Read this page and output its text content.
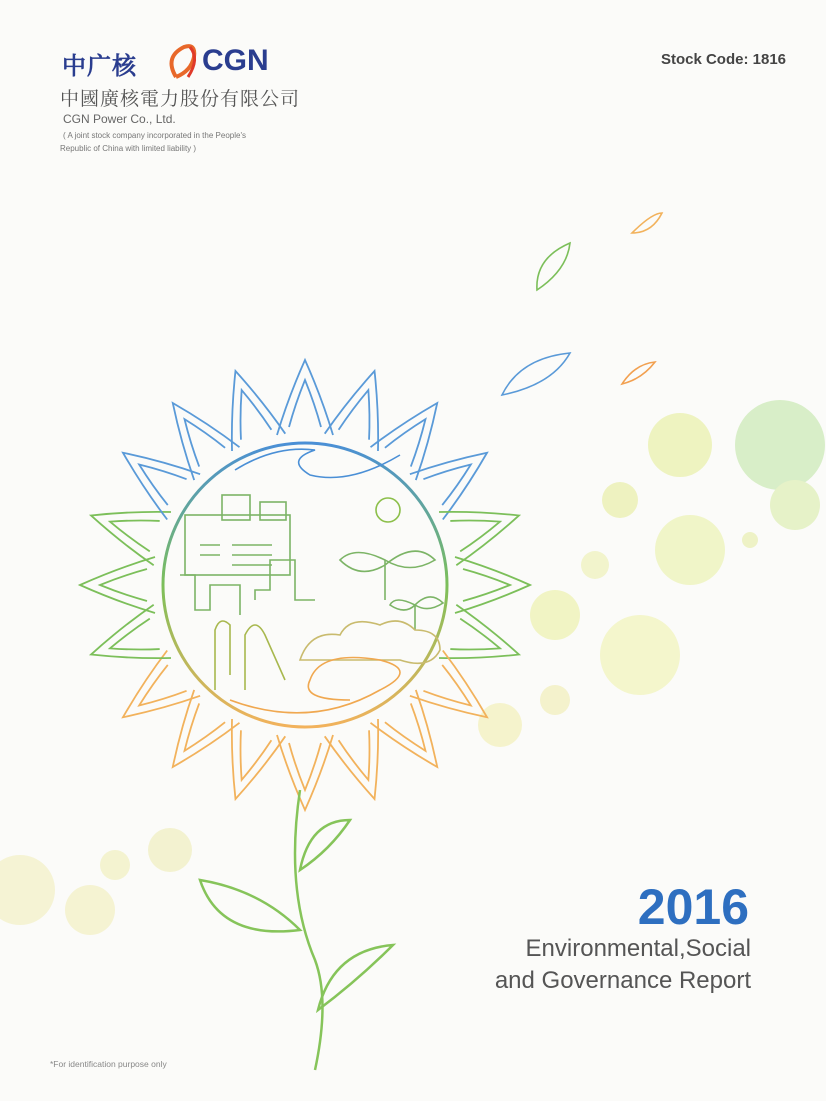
中广核 CGN
中國廣核電力股份有限公司
CGN Power Co., Ltd.
( A joint stock company incorporated in the People's
Republic of China with limited liability )
Stock Code: 1816
2016
Environmental,Social
and Governance Report
*For identification purpose only
